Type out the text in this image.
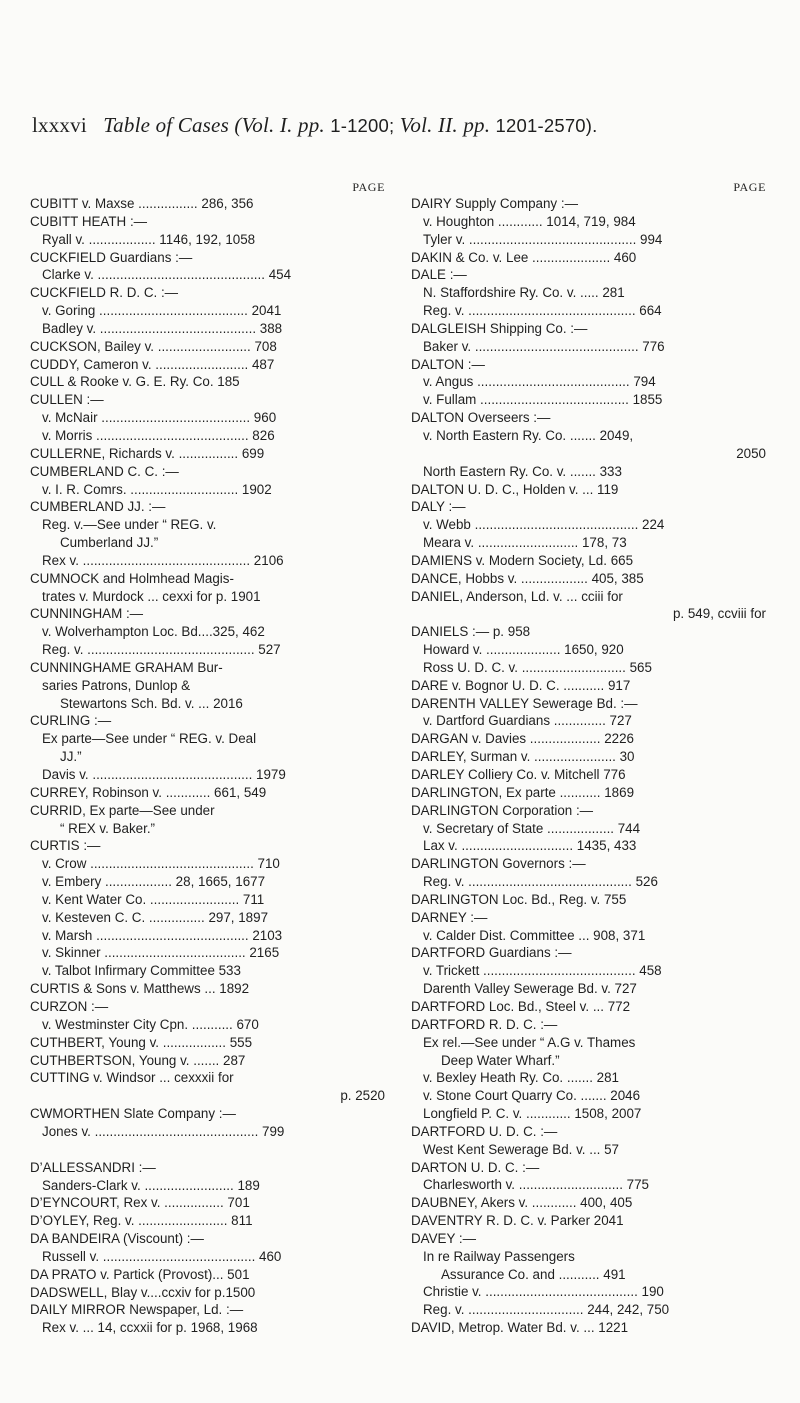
lxxxvi Table of Cases (Vol. I. pp. 1-1200; Vol. II. pp. 1201-2570).
PAGE
CUBITT v. Maxse ................ 286, 356
CUBITT HEATH :—
Ryall v. .................. 1146, 192, 1058
CUCKFIELD Guardians :—
Clarke v. ............................................. 454
CUCKFIELD R. D. C. :—
v. Goring ........................................ 2041
Badley v. .......................................... 388
CUCKSON, Bailey v. ......................... 708
CUDDY, Cameron v. ......................... 487
CULL & Rooke v. G. E. Ry. Co. 185
CULLEN :—
v. McNair ........................................ 960
v. Morris ......................................... 826
CULLERNE, Richards v. ................ 699
CUMBERLAND C. C. :—
v. I. R. Comrs. ............................. 1902
CUMBERLAND JJ. :—
Reg. v.—See under “ REG. v.
Cumberland JJ.”
Rex v. ............................................. 2106
CUMNOCK and Holmhead Magis-
trates v. Murdock ... cexxi for p. 1901
CUNNINGHAM :—
v. Wolverhampton Loc. Bd....325, 462
Reg. v. ............................................. 527
CUNNINGHAME GRAHAM Bur-
saries Patrons, Dunlop &
Stewartons Sch. Bd. v. ... 2016
CURLING :—
Ex parte—See under “ REG. v. Deal
JJ.”
Davis v. ........................................... 1979
CURREY, Robinson v. ............ 661, 549
CURRID, Ex parte—See under
“ REX v. Baker.”
CURTIS :—
v. Crow ............................................ 710
v. Embery .................. 28, 1665, 1677
v. Kent Water Co. ........................ 711
v. Kesteven C. C. ............... 297, 1897
v. Marsh ......................................... 2103
v. Skinner ...................................... 2165
v. Talbot Infirmary Committee 533
CURTIS & Sons v. Matthews ... 1892
CURZON :—
v. Westminster City Cpn. ........... 670
CUTHBERT, Young v. ................. 555
CUTHBERTSON, Young v. ....... 287
CUTTING v. Windsor ... cexxxii for
p. 2520
CWMORTHEN Slate Company :—
Jones v. ............................................ 799
D’ALLESSANDRI :—
Sanders-Clark v. ........................ 189
D’EYNCOURT, Rex v. ................ 701
D’OYLEY, Reg. v. ........................ 811
DA BANDEIRA (Viscount) :—
Russell v. ......................................... 460
DA PRATO v. Partick (Provost)... 501
DADSWELL, Blay v....ccxiv for p.1500
DAILY MIRROR Newspaper, Ld. :—
Rex v. ... 14, ccxxii for p. 1968, 1968
PAGE
DAIRY Supply Company :—
v. Houghton ............ 1014, 719, 984
Tyler v. ............................................. 994
DAKIN & Co. v. Lee ..................... 460
DALE :—
N. Staffordshire Ry. Co. v. ..... 281
Reg. v. ............................................. 664
DALGLEISH Shipping Co. :—
Baker v. ............................................ 776
DALTON :—
v. Angus ......................................... 794
v. Fullam ........................................ 1855
DALTON Overseers :—
v. North Eastern Ry. Co. ....... 2049,
2050
North Eastern Ry. Co. v. ....... 333
DALTON U. D. C., Holden v. ... 119
DALY :—
v. Webb ............................................ 224
Meara v. ........................... 178, 73
DAMIENS v. Modern Society, Ld. 665
DANCE, Hobbs v. .................. 405, 385
DANIEL, Anderson, Ld. v. ... cciii for
p. 549, ccviii for
DANIELS :— p. 958
Howard v. .................... 1650, 920
Ross U. D. C. v. ............................ 565
DARE v. Bognor U. D. C. ........... 917
DARENTH VALLEY Sewerage Bd. :—
v. Dartford Guardians .............. 727
DARGAN v. Davies ................... 2226
DARLEY, Surman v. ...................... 30
DARLEY Colliery Co. v. Mitchell 776
DARLINGTON, Ex parte ........... 1869
DARLINGTON Corporation :—
v. Secretary of State .................. 744
Lax v. .............................. 1435, 433
DARLINGTON Governors :—
Reg. v. ............................................ 526
DARLINGTON Loc. Bd., Reg. v. 755
DARNEY :—
v. Calder Dist. Committee ... 908, 371
DARTFORD Guardians :—
v. Trickett ......................................... 458
Darenth Valley Sewerage Bd. v. 727
DARTFORD Loc. Bd., Steel v. ... 772
DARTFORD R. D. C. :—
Ex rel.—See under “ A.G v. Thames
Deep Water Wharf.”
v. Bexley Heath Ry. Co. ....... 281
v. Stone Court Quarry Co. ....... 2046
Longfield P. C. v. ............ 1508, 2007
DARTFORD U. D. C. :—
West Kent Sewerage Bd. v. ... 57
DARTON U. D. C. :—
Charlesworth v. ............................ 775
DAUBNEY, Akers v. ............ 400, 405
DAVENTRY R. D. C. v. Parker 2041
DAVEY :—
In re Railway Passengers
Assurance Co. and ........... 491
Christie v. ......................................... 190
Reg. v. ............................... 244, 242, 750
DAVID, Metrop. Water Bd. v. ... 1221
